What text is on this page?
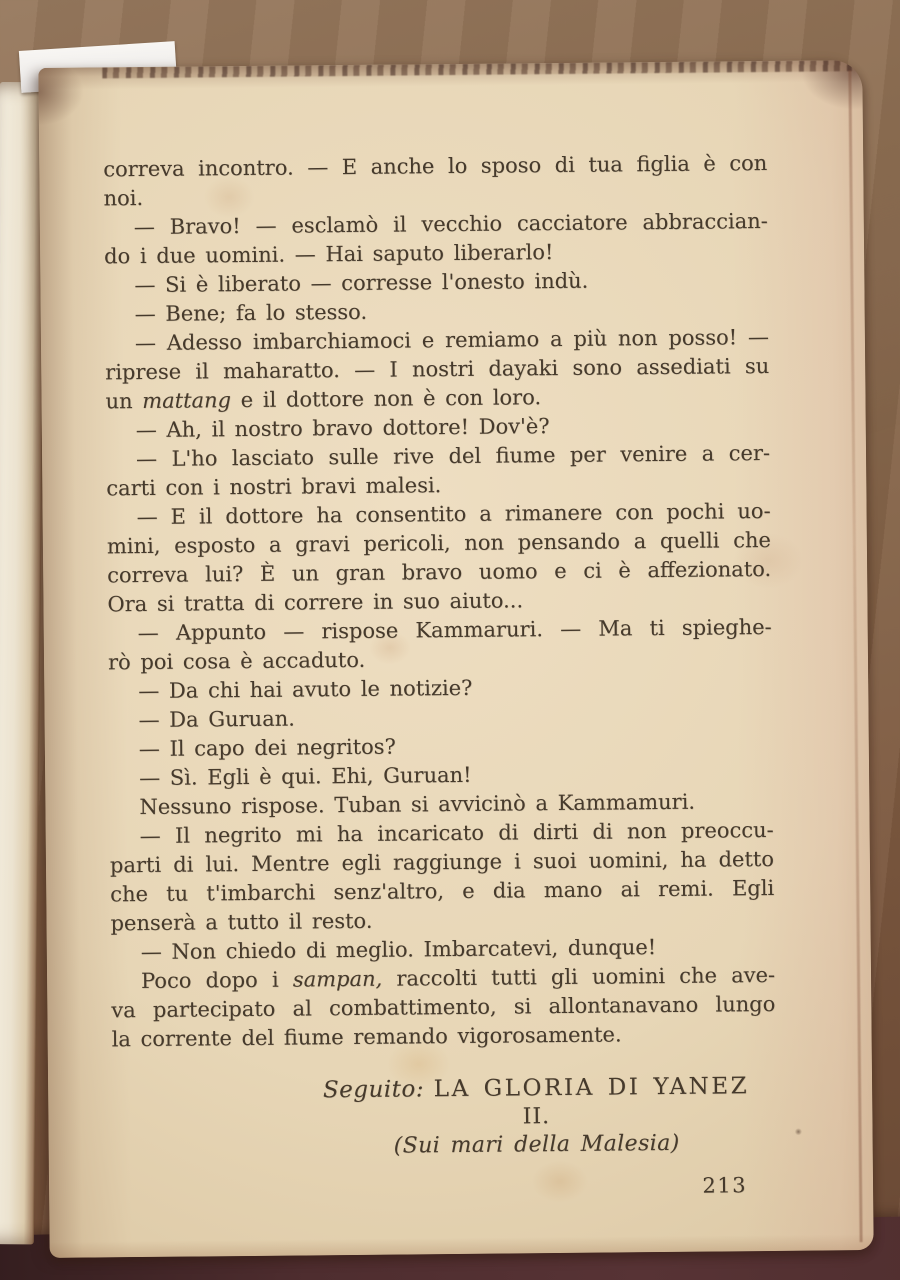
correva incontro. — E anche lo sposo di tua figlia è con noi.
— Bravo! — esclamò il vecchio cacciatore abbraccian-
do i due uomini. — Hai saputo liberarlo!
— Si è liberato — corresse l'onesto indù.
— Bene; fa lo stesso.
— Adesso imbarchiamoci e remiamo a più non posso! —
riprese il maharatto. — I nostri dayaki sono assediati su
un mattang e il dottore non è con loro.
— Ah, il nostro bravo dottore! Dov'è?
— L'ho lasciato sulle rive del fiume per venire a cer-
carti con i nostri bravi malesi.
— E il dottore ha consentito a rimanere con pochi uo-
mini, esposto a gravi pericoli, non pensando a quelli che
correva lui? È un gran bravo uomo e ci è affezionato.
Ora si tratta di correre in suo aiuto...
— Appunto — rispose Kammaruri. — Ma ti spieghe-
rò poi cosa è accaduto.
— Da chi hai avuto le notizie?
— Da Guruan.
— Il capo dei negritos?
— Sì. Egli è qui. Ehi, Guruan!
Nessuno rispose. Tuban si avvicinò a Kammamuri.
— Il negrito mi ha incaricato di dirti di non preoccu-
parti di lui. Mentre egli raggiunge i suoi uomini, ha detto
che tu t'imbarchi senz'altro, e dia mano ai remi. Egli
penserà a tutto il resto.
— Non chiedo di meglio. Imbarcatevi, dunque!
Poco dopo i sampan, raccolti tutti gli uomini che ave-
va partecipato al combattimento, si allontanavano lungo
la corrente del fiume remando vigorosamente.
Seguito: LA GLORIA DI YANEZ
II.
(Sui mari della Malesia)
213
